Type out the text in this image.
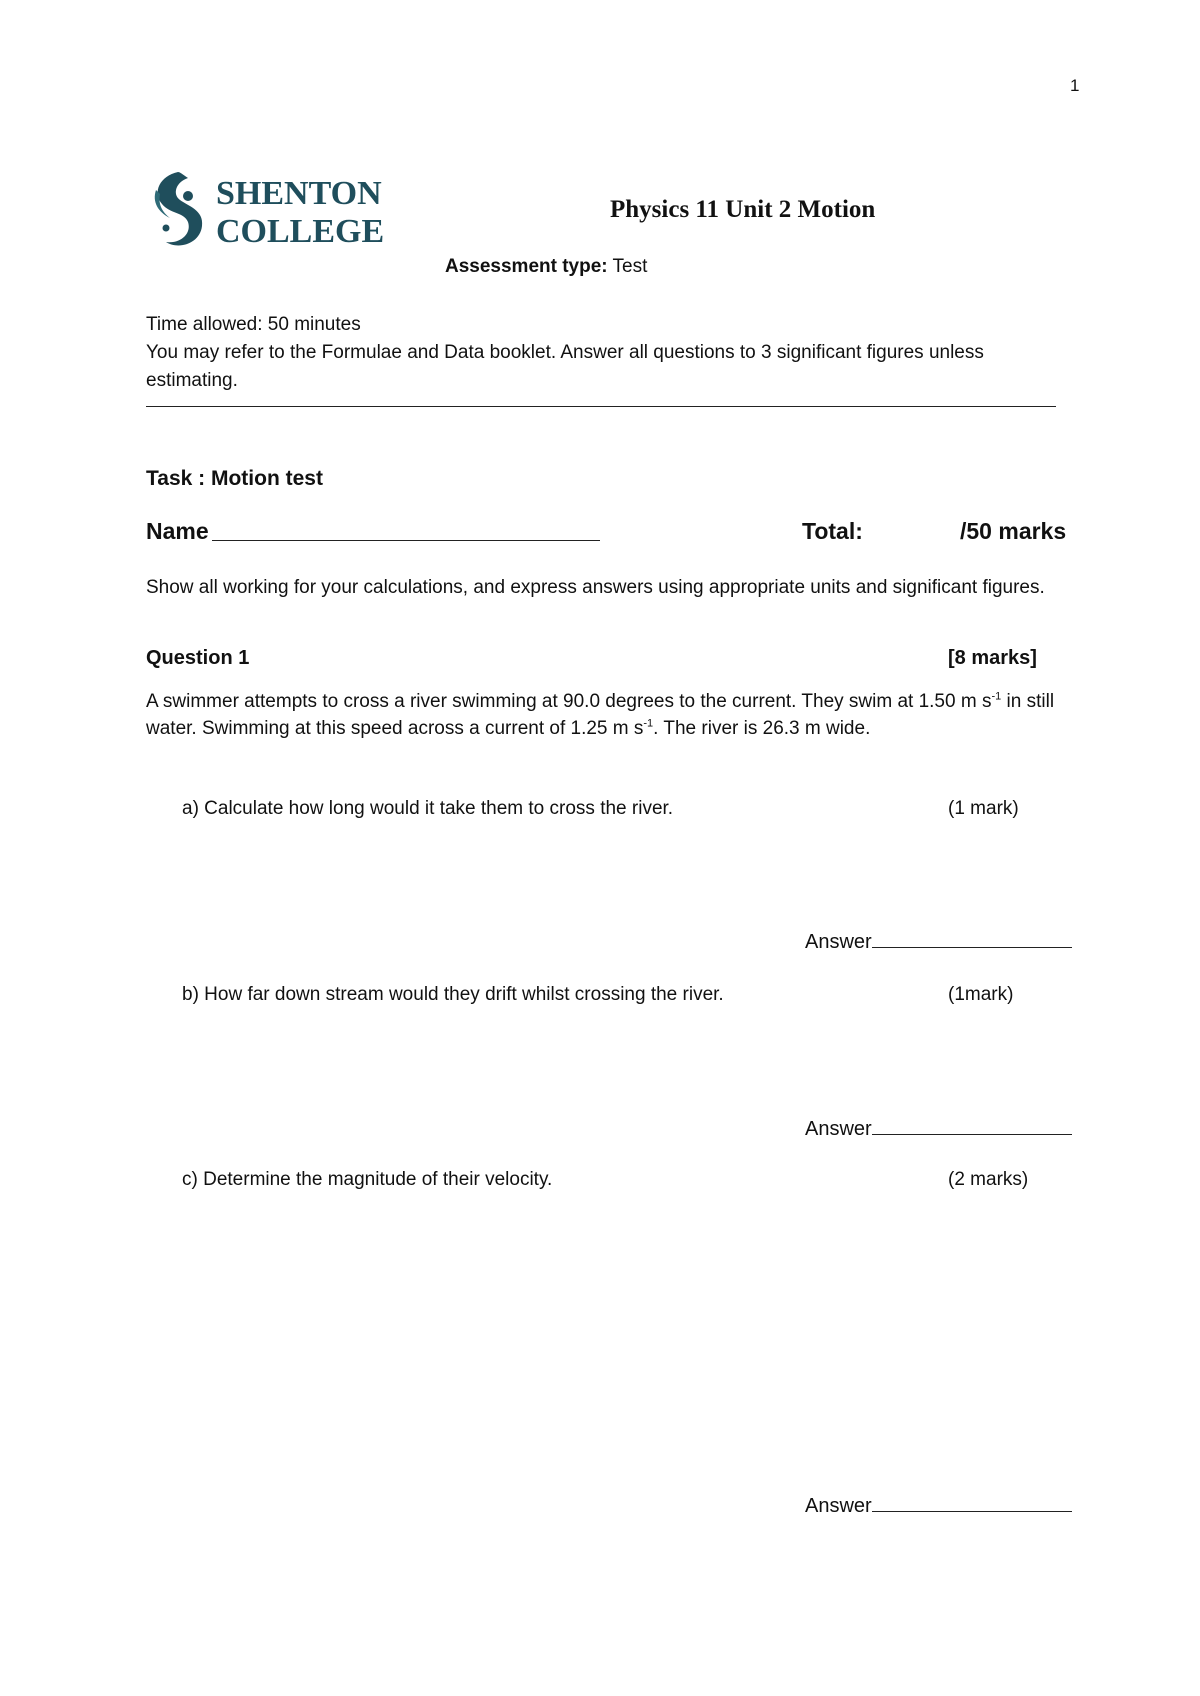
1
SHENTON
COLLEGE
Physics 11 Unit 2 Motion
Assessment type: Test
Time allowed: 50 minutes
You may refer to the Formulae and Data booklet. Answer all questions to 3 significant figures unless estimating.
Task : Motion test
Name	Total:	/50 marks
Show all working for your calculations, and express answers using appropriate units and significant figures.
Question 1	[8 marks]
A swimmer attempts to cross a river swimming at 90.0 degrees to the current. They swim at 1.50 m $s^{-1}$ in still water. Swimming at this speed across a current of 1.25 m $s^{-1}$. The river is 26.3 m wide.
a) Calculate how long would it take them to cross the river.	(1 mark)
Answer
b) How far down stream would they drift whilst crossing the river.	(1mark)
Answer
c) Determine the magnitude of their velocity.	(2 marks)
Answer
